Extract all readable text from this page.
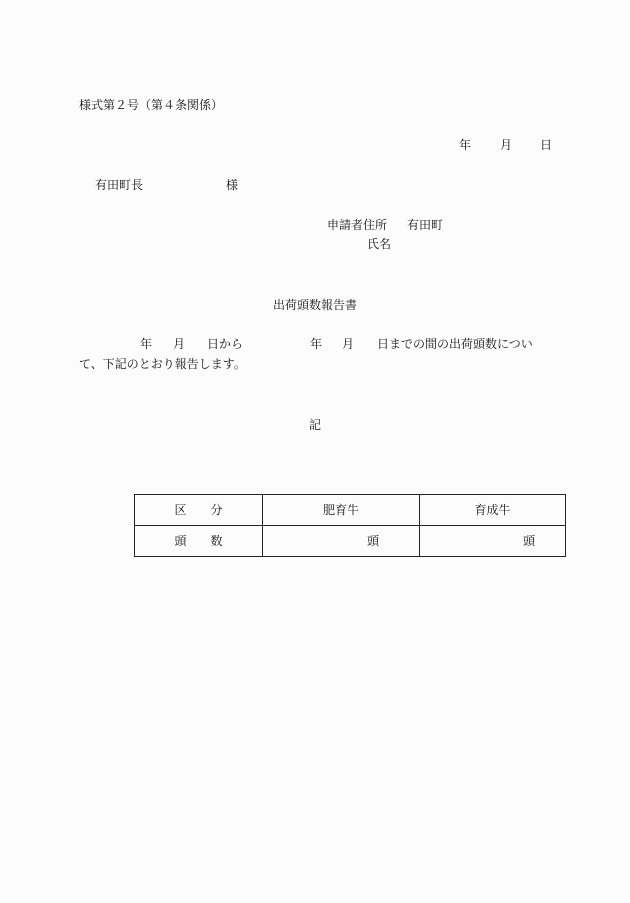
様式第２号（第４条関係）
年 月 日
有田町長	様
申請者住所 有田町
氏名
出荷頭数報告書
年 月 日から	年 月 日までの間の出荷頭数につい
て、下記のとおり報告します。
記
区　　分	肥育牛	育成牛
頭　　数	頭	頭
